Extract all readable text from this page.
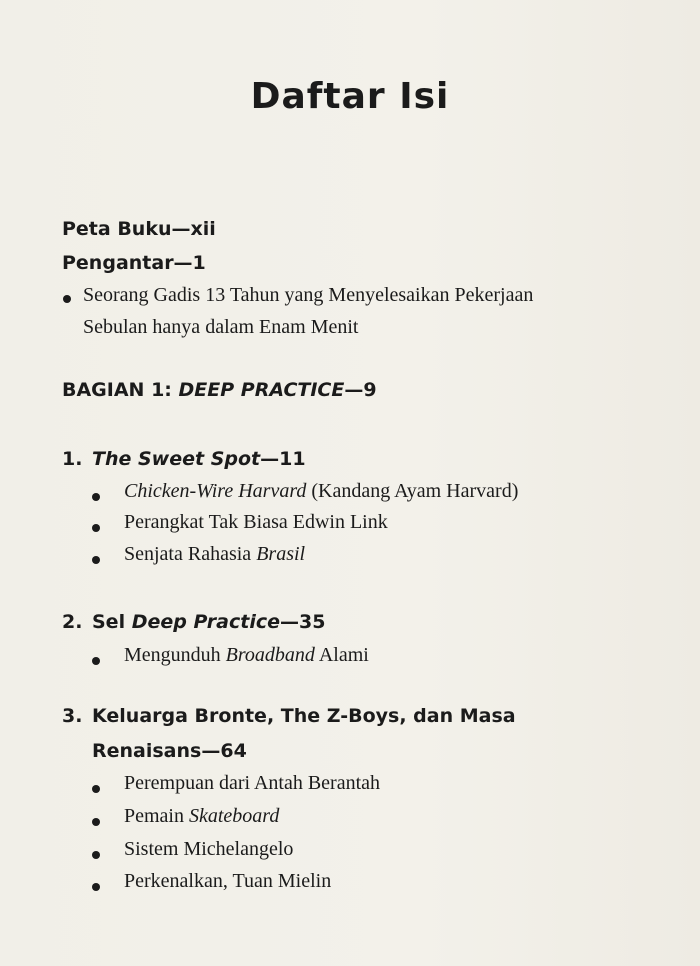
Daftar Isi
Peta Buku—xii
Pengantar—1
Seorang Gadis 13 Tahun yang Menyelesaikan Pekerjaan
Sebulan hanya dalam Enam Menit
BAGIAN 1: DEEP PRACTICE—9
1. The Sweet Spot—11
Chicken-Wire Harvard (Kandang Ayam Harvard)
Perangkat Tak Biasa Edwin Link
Senjata Rahasia Brasil
2. Sel Deep Practice—35
Mengunduh Broadband Alami
3. Keluarga Bronte, The Z-Boys, dan Masa
Renaisans—64
Perempuan dari Antah Berantah
Pemain Skateboard
Sistem Michelangelo
Perkenalkan, Tuan Mielin
